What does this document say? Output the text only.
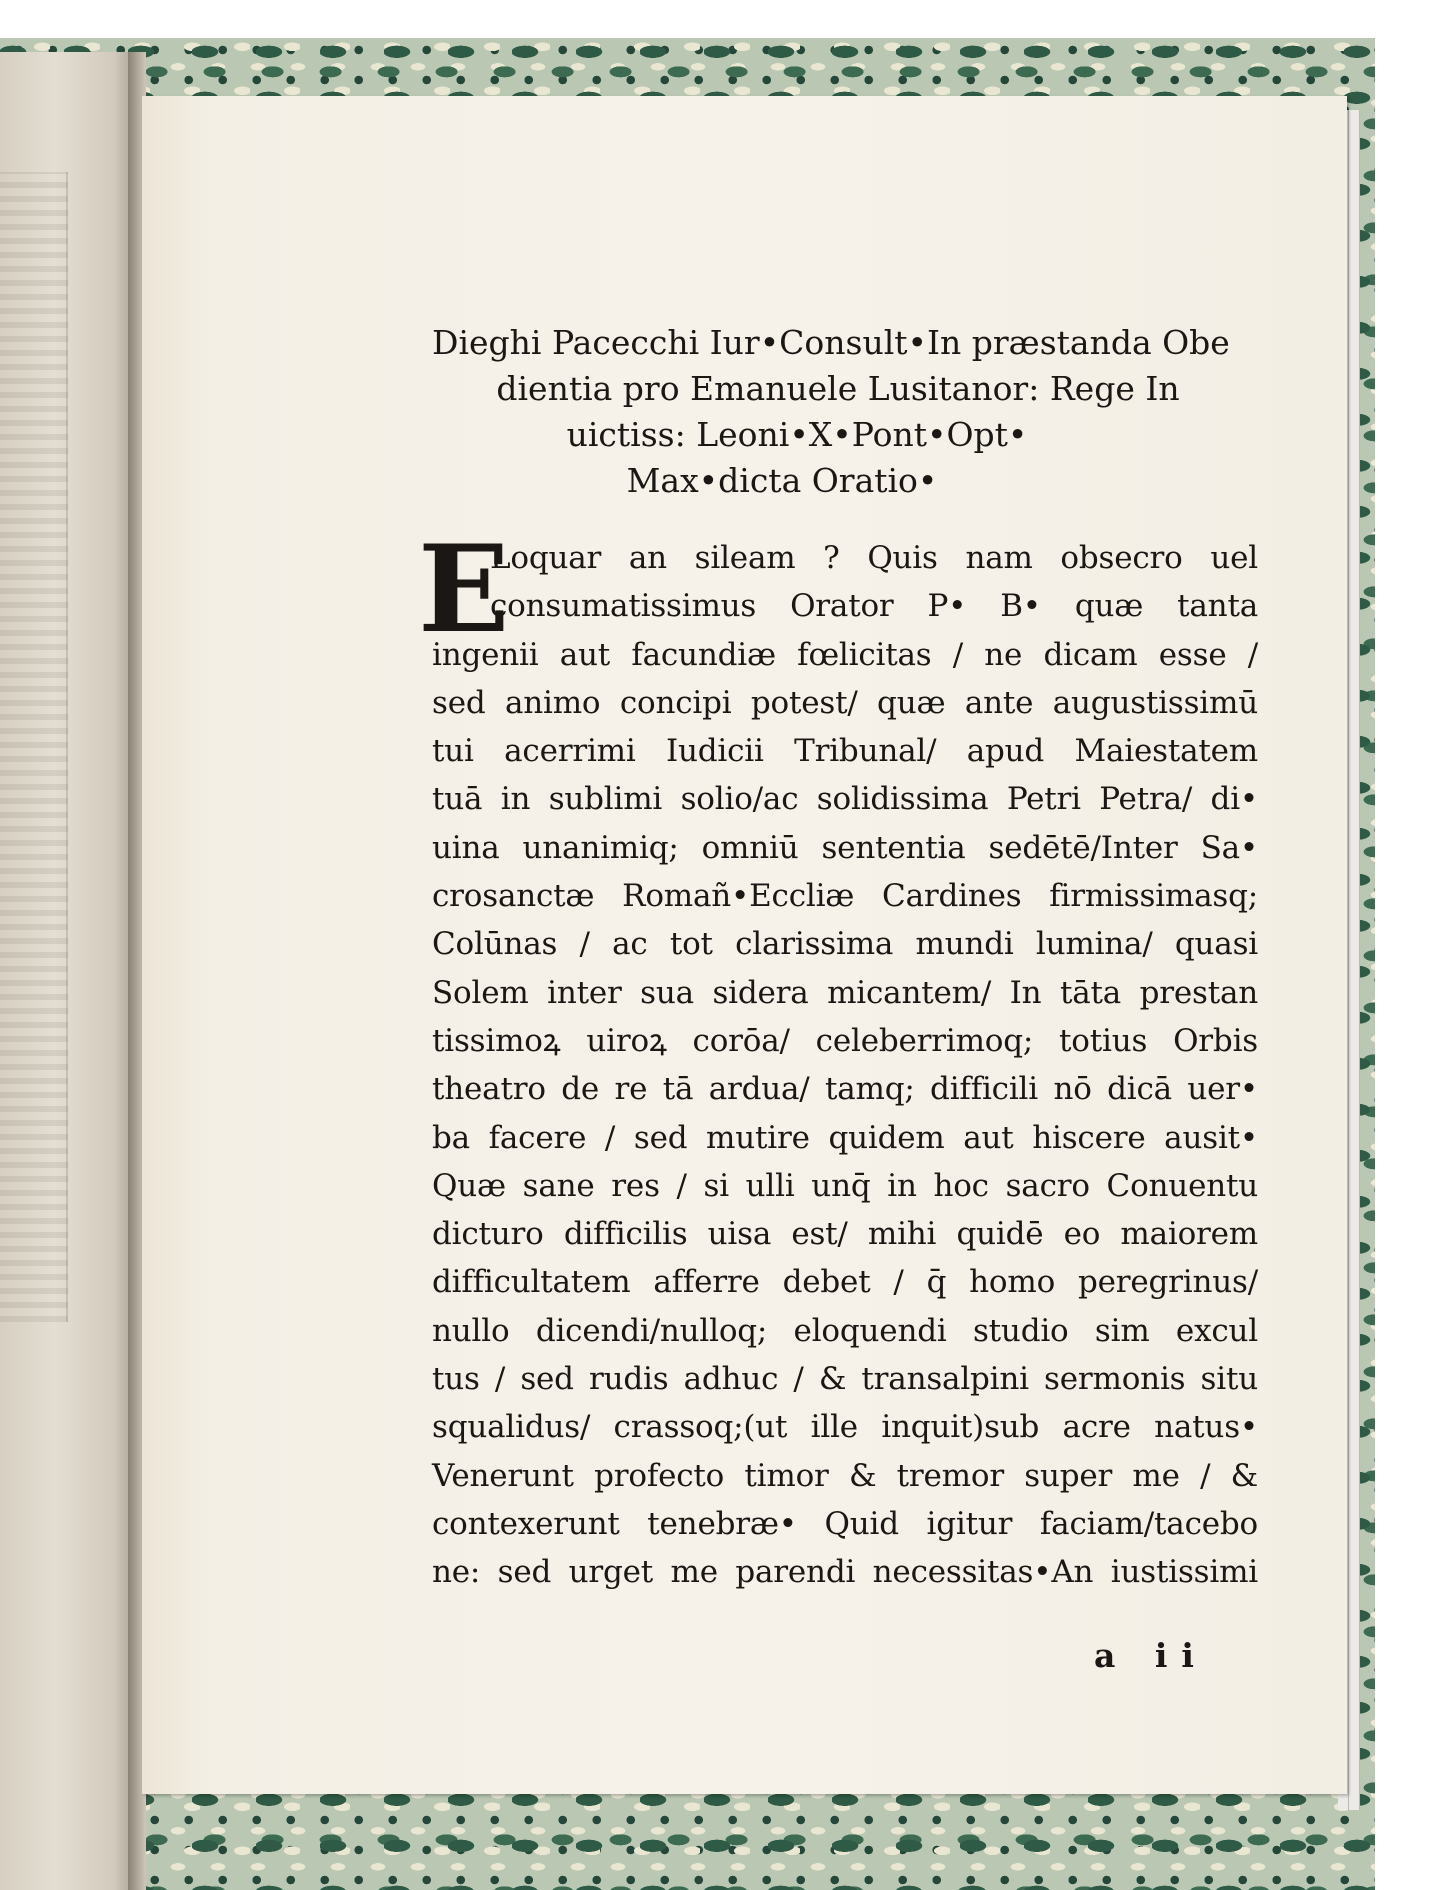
Dieghi Pacecchi Iur•Consult•In præstanda Obe
dientia pro Emanuele Lusitanor: Rege In
uictiss: Leoni•X•Pont•Opt•
Max•dicta Oratio•
E
Loquar an sileam ? Quis nam obsecro uel
consumatissimus Orator P• B• quæ tanta
ingenii aut facundiæ fœlicitas / ne dicam esse /
sed animo concipi potest/ quæ ante augustissimū
tui acerrimi Iudicii Tribunal/ apud Maiestatem
tuā in sublimi solio/ac solidissima Petri Petra/ di•
uina unanimiq; omniū sententia sedētē/Inter Sa•
crosanctæ Romañ•Eccliæ Cardines firmissimasq;
Colūnas / ac tot clarissima mundi lumina/ quasi
Solem inter sua sidera micantem/ In tāta prestan
tissimoꝝ uiroꝝ corōa/ celeberrimoq; totius Orbis
theatro de re tā ardua/ tamq; difficili nō dicā uer•
ba facere / sed mutire quidem aut hiscere ausit•
Quæ sane res / si ulli unq̄ in hoc sacro Conuentu
dicturo difficilis uisa est/ mihi quidē eo maiorem
difficultatem afferre debet / q̄ homo peregrinus/
nullo dicendi/nulloq; eloquendi studio sim excul
tus / sed rudis adhuc / & transalpini sermonis situ
squalidus/ crassoq;(ut ille inquit)sub acre natus•
Venerunt profecto timor & tremor super me / &
contexerunt tenebræ• Quid igitur faciam/tacebo
ne: sed urget me parendi necessitas•An iustissimi
a ii
